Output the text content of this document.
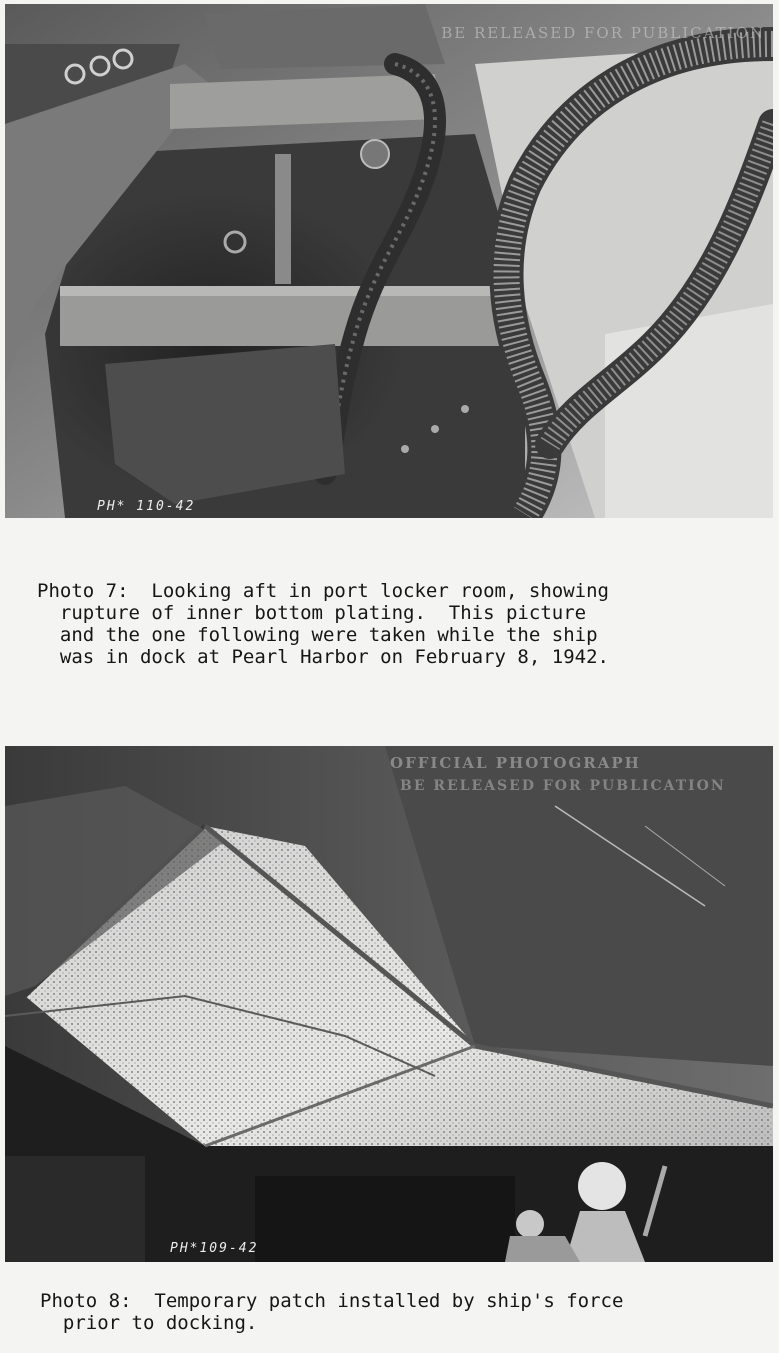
BE RELEASED FOR PUBLICATION
PH* 110-42
Photo 7:  Looking aft in port locker room, showing
rupture of inner bottom plating.  This picture
and the one following were taken while the ship
was in dock at Pearl Harbor on February 8, 1942.
OFFICIAL PHOTOGRAPH
BE RELEASED FOR PUBLICATION
PH*109-42
Photo 8:  Temporary patch installed by ship's force
prior to docking.
